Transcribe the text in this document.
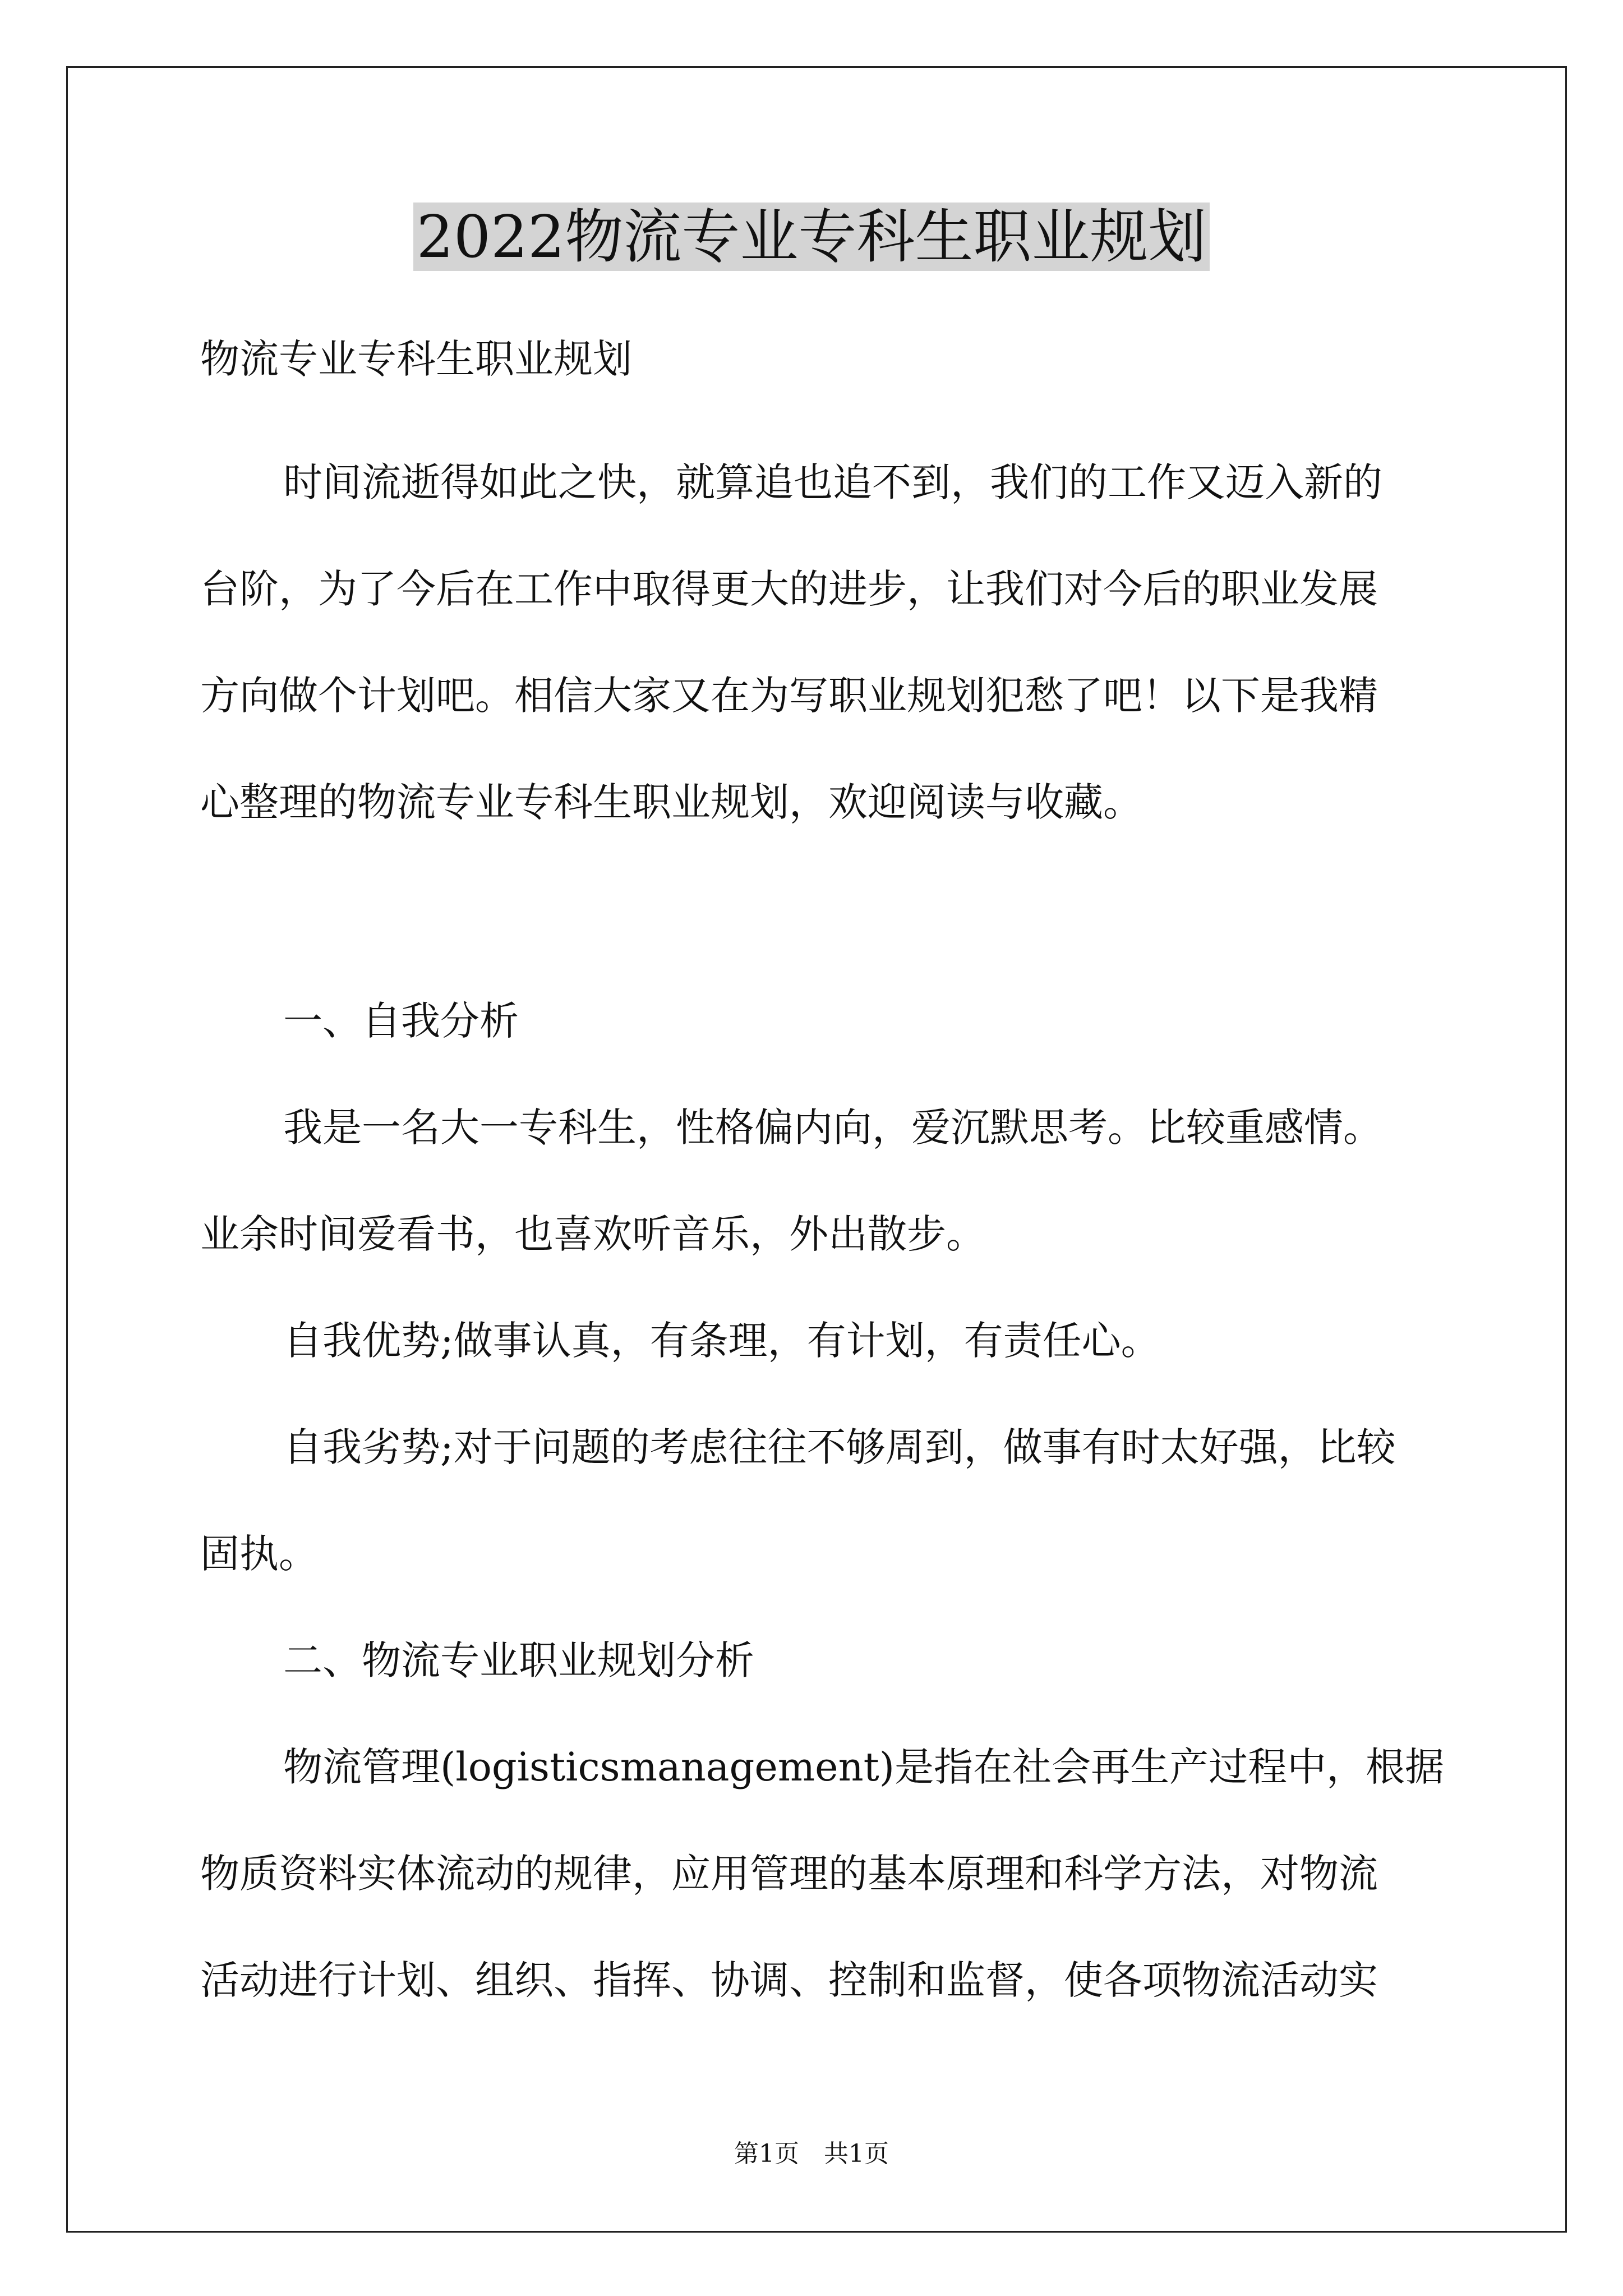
2022物流专业专科生职业规划
物流专业专科生职业规划
时间流逝得如此之快，就算追也追不到，我们的工作又迈入新的
台阶，为了今后在工作中取得更大的进步，让我们对今后的职业发展
方向做个计划吧。相信大家又在为写职业规划犯愁了吧！以下是我精
心整理的物流专业专科生职业规划，欢迎阅读与收藏。
一、自我分析
我是一名大一专科生，性格偏内向，爱沉默思考。比较重感情。
业余时间爱看书，也喜欢听音乐，外出散步。
自我优势;做事认真，有条理，有计划，有责任心。
自我劣势;对于问题的考虑往往不够周到，做事有时太好强，比较
固执。
二、物流专业职业规划分析
物流管理(logisticsmanagement)是指在社会再生产过程中，根据
物质资料实体流动的规律，应用管理的基本原理和科学方法，对物流
活动进行计划、组织、指挥、协调、控制和监督，使各项物流活动实
第1页　共1页
